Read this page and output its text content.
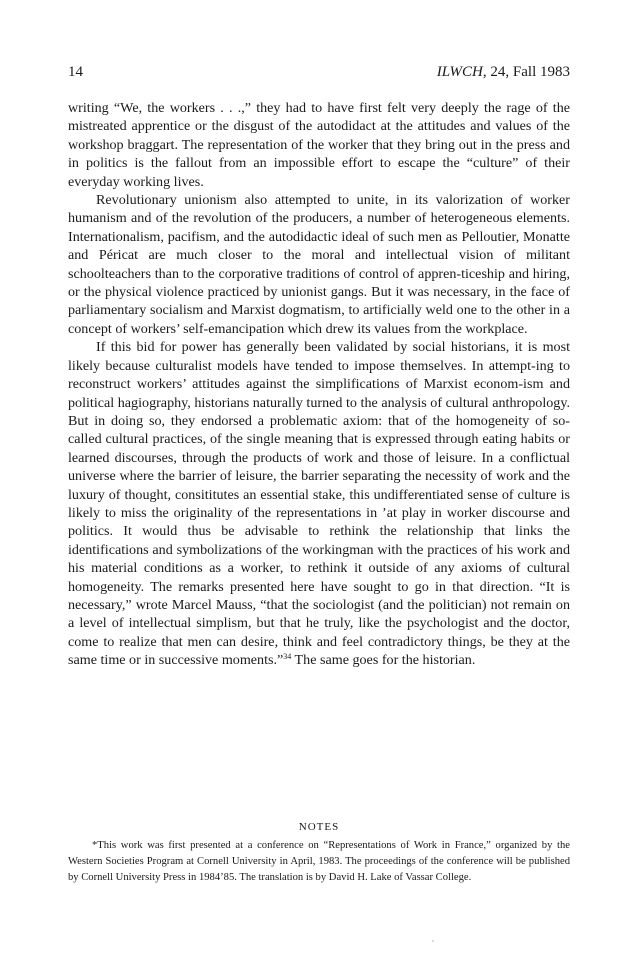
14	ILWCH, 24, Fall 1983

writing “We, the workers . . .,” they had to have first felt very deeply the rage of the mistreated apprentice or the disgust of the autodidact at the attitudes and values of the workshop braggart. The representation of the worker that they bring out in the press and in politics is the fallout from an impossible effort to escape the “culture” of their everyday working lives.

Revolutionary unionism also attempted to unite, in its valorization of worker humanism and of the revolution of the producers, a number of heterogeneous elements. Internationalism, pacifism, and the autodidactic ideal of such men as Pelloutier, Monatte and Péricat are much closer to the moral and intellectual vision of militant schoolteachers than to the corporative traditions of control of appren-ticeship and hiring, or the physical violence practiced by unionist gangs. But it was necessary, in the face of parliamentary socialism and Marxist dogmatism, to artificially weld one to the other in a concept of workers’ self-emancipation which drew its values from the workplace.

If this bid for power has generally been validated by social historians, it is most likely because culturalist models have tended to impose themselves. In attempt-ing to reconstruct workers’ attitudes against the simplifications of Marxist econom-ism and political hagiography, historians naturally turned to the analysis of cultural anthropology. But in doing so, they endorsed a problematic axiom: that of the homogeneity of so-called cultural practices, of the single meaning that is expressed through eating habits or learned discourses, through the products of work and those of leisure. In a conflictual universe where the barrier of leisure, the barrier separating the necessity of work and the luxury of thought, consititutes an essential stake, this undifferentiated sense of culture is likely to miss the originality of the representations in ’at play in worker discourse and politics. It would thus be advisable to rethink the relationship that links the identifications and symbolizations of the workingman with the practices of his work and his material conditions as a worker, to rethink it outside of any axioms of cultural homogeneity. The remarks presented here have sought to go in that direction. “It is necessary,” wrote Marcel Mauss, “that the sociologist (and the politician) not remain on a level of intellectual simplism, but that he truly, like the psychologist and the doctor, come to realize that men can desire, think and feel contradictory things, be they at the same time or in successive moments.”$^{34}$ The same goes for the historian.

NOTES

*This work was first presented at a conference on “Representations of Work in France,” organized by the Western Societies Program at Cornell University in April, 1983. The proceedings of the conference will be published by Cornell University Press in 1984’85. The translation is by David H. Lake of Vassar College.
